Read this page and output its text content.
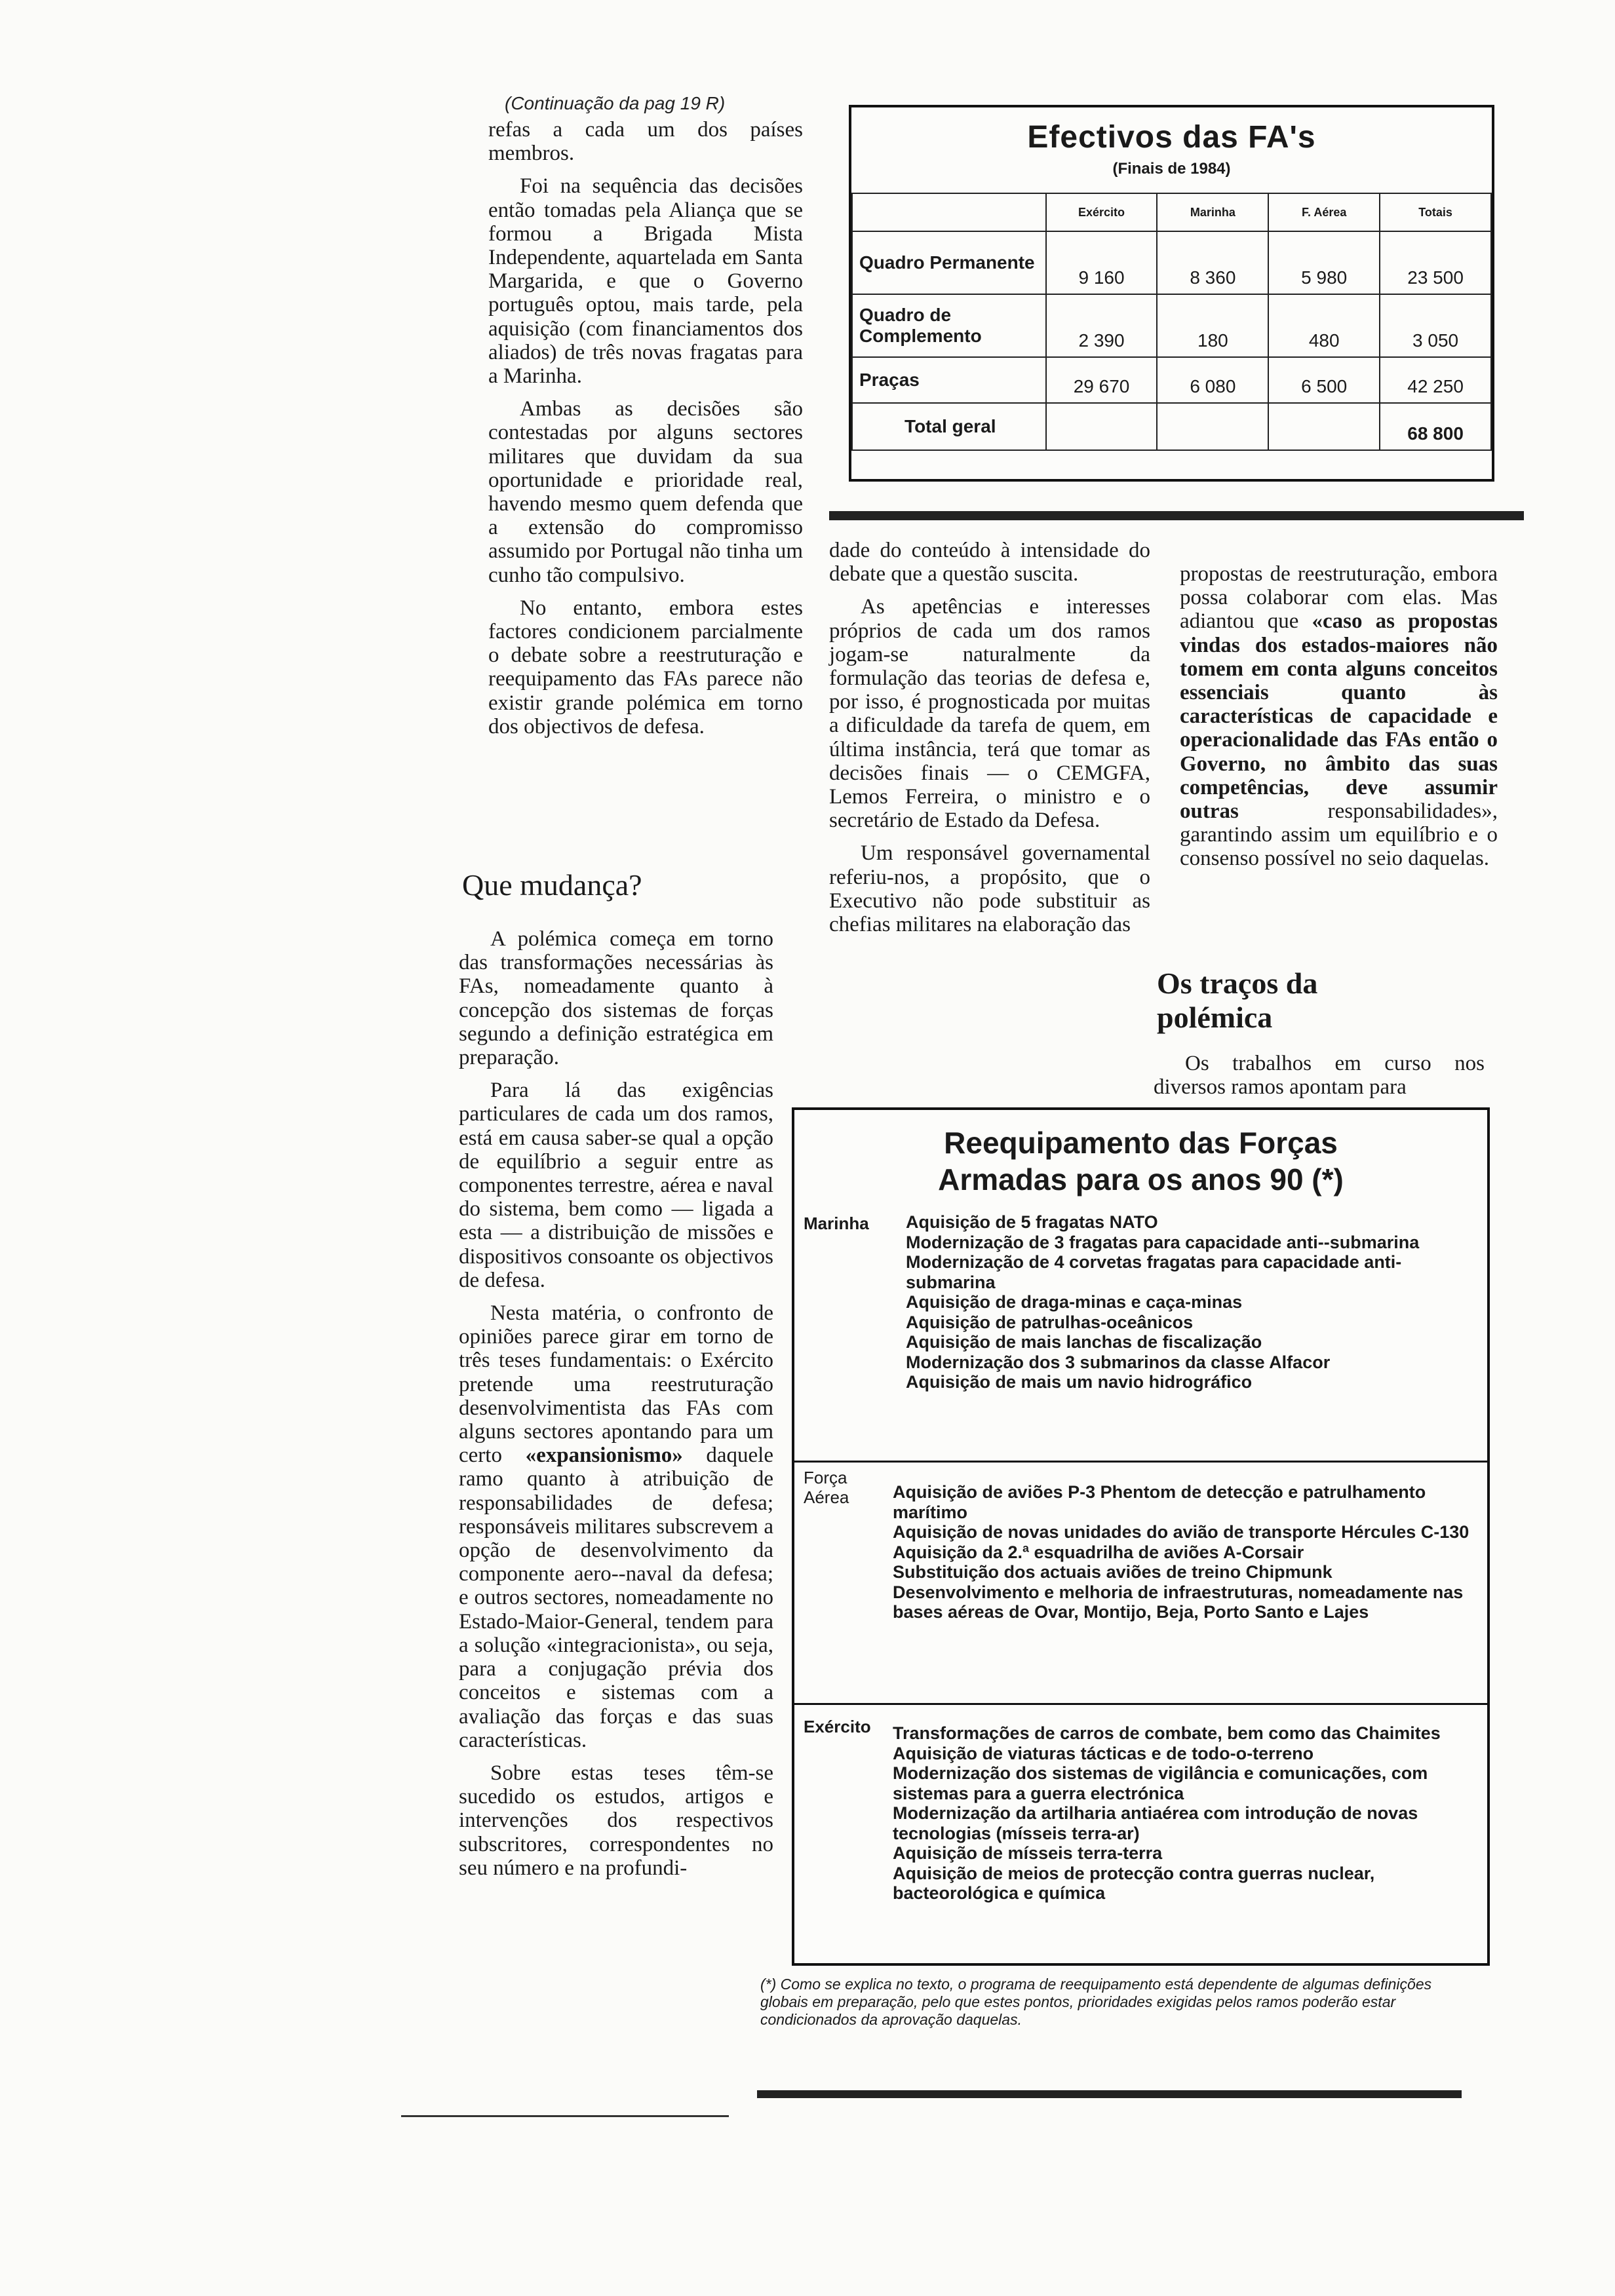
(Continuação da pag 19 R)

refas a cada um dos países membros.

Foi na sequência das decisões então tomadas pela Aliança que se formou a Brigada Mista Independente, aquartelada em Santa Margarida, e que o Governo português optou, mais tarde, pela aquisição (com financiamentos dos aliados) de três novas fragatas para a Marinha.

Ambas as decisões são contestadas por alguns sectores militares que duvidam da sua oportunidade e prioridade real, havendo mesmo quem defenda que a extensão do compromisso assumido por Portugal não tinha um cunho tão compulsivo.

No entanto, embora estes factores condicionem parcialmente o debate sobre a reestruturação e reequipamento das FAs parece não existir grande polémica em torno dos objectivos de defesa.

Que mudança?

A polémica começa em torno das transformações necessárias às FAs, nomeadamente quanto à concepção dos sistemas de forças segundo a definição estratégica em preparação.

Para lá das exigências particulares de cada um dos ramos, está em causa saber-se qual a opção de equilíbrio a seguir entre as componentes terrestre, aérea e naval do sistema, bem como — ligada a esta — a distribuição de missões e dispositivos consoante os objectivos de defesa.

Nesta matéria, o confronto de opiniões parece girar em torno de três teses fundamentais: o Exército pretende uma reestruturação desenvolvimentista das FAs com alguns sectores apontando para um certo «expansionismo» daquele ramo quanto à atribuição de responsabilidades de defesa; responsáveis militares subscrevem a opção de desenvolvimento da componente aero--naval da defesa; e outros sectores, nomeadamente no Estado-Maior-General, tendem para a solução «integracionista», ou seja, para a conjugação prévia dos conceitos e sistemas com a avaliação das forças e das suas características.

Sobre estas teses têm-se sucedido os estudos, artigos e intervenções dos respectivos subscritores, correspondentes no seu número e na profundi-

Efectivos das FA's
(Finais de 1984)
	Exército	Marinha	F. Aérea	Totais
Quadro Permanente	9 160	8 360	5 980	23 500
Quadro de Complemento	2 390	180	480	3 050
Praças	29 670	6 080	6 500	42 250
Total geral				68 800

dade do conteúdo à intensidade do debate que a questão suscita.

As apetências e interesses próprios de cada um dos ramos jogam-se naturalmente da formulação das teorias de defesa e, por isso, é prognosticada por muitas a dificuldade da tarefa de quem, em última instância, terá que tomar as decisões finais — o CEMGFA, Lemos Ferreira, o ministro e o secretário de Estado da Defesa.

Um responsável governamental referiu-nos, a propósito, que o Executivo não pode substituir as chefias militares na elaboração das

propostas de reestruturação, embora possa colaborar com elas. Mas adiantou que «caso as propostas vindas dos estados-maiores não tomem em conta alguns conceitos essenciais quanto às características de capacidade e operacionalidade das FAs então o Governo, no âmbito das suas competências, deve assumir outras responsabilidades», garantindo assim um equilíbrio e o consenso possível no seio daquelas.

Os traços da polémica

Os trabalhos em curso nos diversos ramos apontam para

Reequipamento das Forças Armadas para os anos 90 (*)
Marinha Aquisição de 5 fragatas NATO
Modernização de 3 fragatas para capacidade anti--submarina
Modernização de 4 corvetas fragatas para capacidade anti-submarina
Aquisição de draga-minas e caça-minas
Aquisição de patrulhas-oceânicos
Aquisição de mais lanchas de fiscalização
Modernização dos 3 submarinos da classe Alfacor
Aquisição de mais um navio hidrográfico
Força Aérea	Aquisição de aviões P-3 Phentom de detecção e patrulhamento marítimo
Aquisição de novas unidades do avião de transporte Hércules C-130
Aquisição da 2.ª esquadrilha de aviões A-Corsair
Substituição dos actuais aviões de treino Chipmunk
Desenvolvimento e melhoria de infraestruturas, nomeadamente nas bases aéreas de Ovar, Montijo, Beja, Porto Santo e Lajes
Exército Transformações de carros de combate, bem como das Chaimites
Aquisição de viaturas tácticas e de todo-o-terreno
Modernização dos sistemas de vigilância e comunicações, com sistemas para a guerra electrónica
Modernização da artilharia antiaérea com introdução de novas tecnologias (mísseis terra-ar)
Aquisição de mísseis terra-terra
Aquisição de meios de protecção contra guerras nuclear, bacteorológica e química
(*) Como se explica no texto, o programa de reequipamento está dependente de algumas definições globais em preparação, pelo que estes pontos, prioridades exigidas pelos ramos poderão estar condicionados da aprovação daquelas.
